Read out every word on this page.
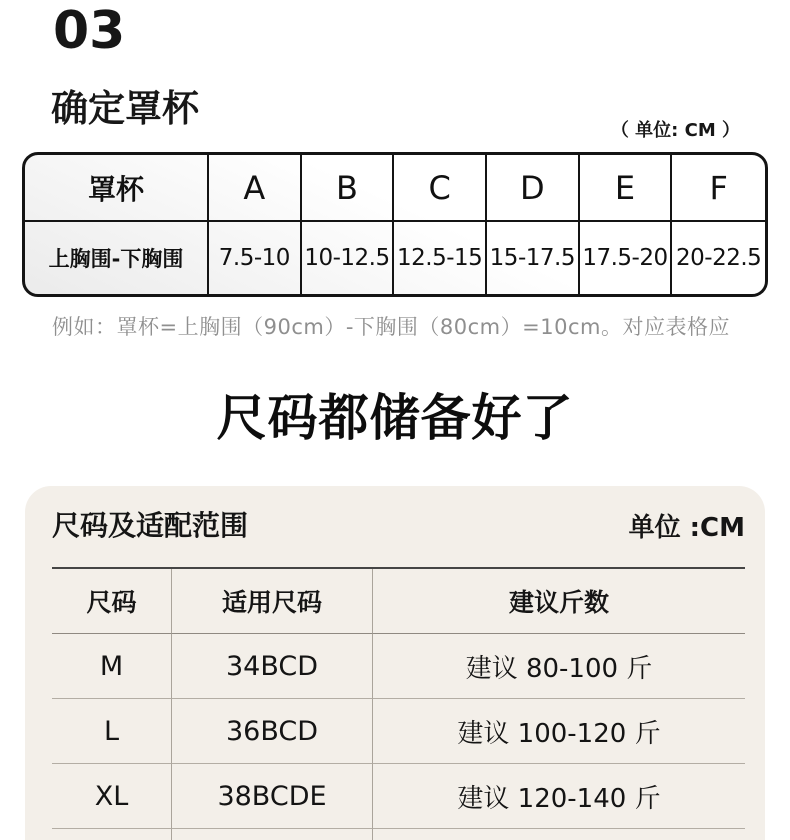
03
确定罩杯
（ 单位: CM ）
罩杯	A	B	C	D	E	F
上胸围-下胸围	7.5-10 10-12.5 12.5-15 15-17.5 17.5-20 20-22.5
例如：罩杯=上胸围（90cm）-下胸围（80cm）=10cm。对应表格应
尺码都储备好了
尺码及适配范围	单位 :CM
尺码	适用尺码	建议斤数
M	34BCD	建议 80-100 斤
L	36BCD	建议 100-120 斤
XL	38BCDE	建议 120-140 斤
